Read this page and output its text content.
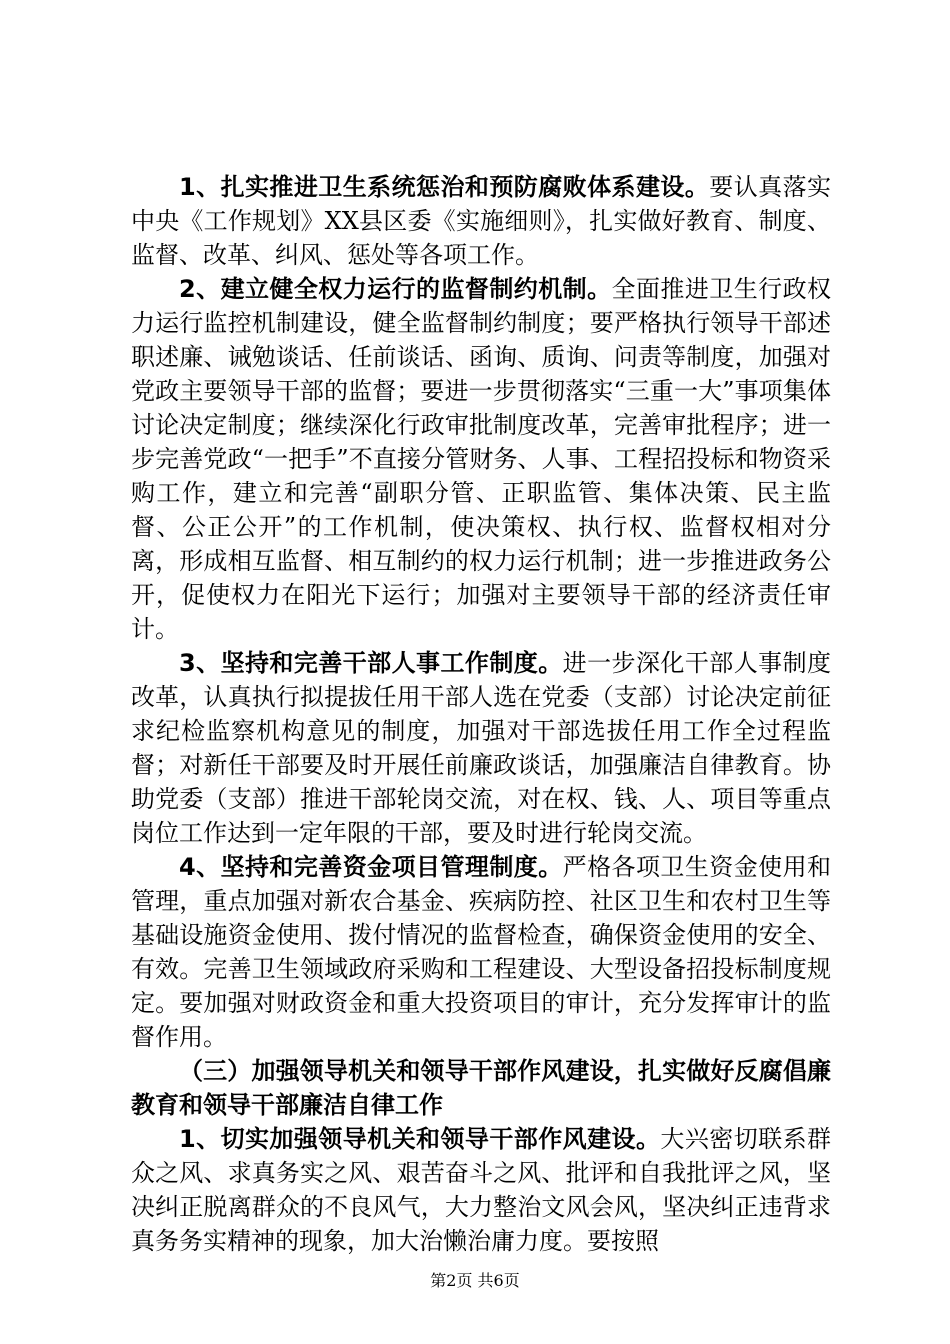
1、扎实推进卫生系统惩治和预防腐败体系建设。要认真落实中央《工作规划》XX县区委《实施细则》，扎实做好教育、制度、监督、改革、纠风、惩处等各项工作。

2、建立健全权力运行的监督制约机制。全面推进卫生行政权力运行监控机制建设，健全监督制约制度；要严格执行领导干部述职述廉、诫勉谈话、任前谈话、函询、质询、问责等制度，加强对党政主要领导干部的监督；要进一步贯彻落实“三重一大”事项集体讨论决定制度；继续深化行政审批制度改革，完善审批程序；进一步完善党政“一把手”不直接分管财务、人事、工程招投标和物资采购工作，建立和完善“副职分管、正职监管、集体决策、民主监督、公正公开”的工作机制，使决策权、执行权、监督权相对分离，形成相互监督、相互制约的权力运行机制；进一步推进政务公开，促使权力在阳光下运行；加强对主要领导干部的经济责任审计。

3、坚持和完善干部人事工作制度。进一步深化干部人事制度改革，认真执行拟提拔任用干部人选在党委（支部）讨论决定前征求纪检监察机构意见的制度，加强对干部选拔任用工作全过程监督；对新任干部要及时开展任前廉政谈话，加强廉洁自律教育。协助党委（支部）推进干部轮岗交流，对在权、钱、人、项目等重点岗位工作达到一定年限的干部，要及时进行轮岗交流。

4、坚持和完善资金项目管理制度。严格各项卫生资金使用和管理，重点加强对新农合基金、疾病防控、社区卫生和农村卫生等基础设施资金使用、拨付情况的监督检查，确保资金使用的安全、有效。完善卫生领域政府采购和工程建设、大型设备招投标制度规定。要加强对财政资金和重大投资项目的审计，充分发挥审计的监督作用。

（三）加强领导机关和领导干部作风建设，扎实做好反腐倡廉教育和领导干部廉洁自律工作

1、切实加强领导机关和领导干部作风建设。大兴密切联系群众之风、求真务实之风、艰苦奋斗之风、批评和自我批评之风，坚决纠正脱离群众的不良风气，大力整治文风会风，坚决纠正违背求真务务实精神的现象，加大治懒治庸力度。要按照

第2页 共6页
